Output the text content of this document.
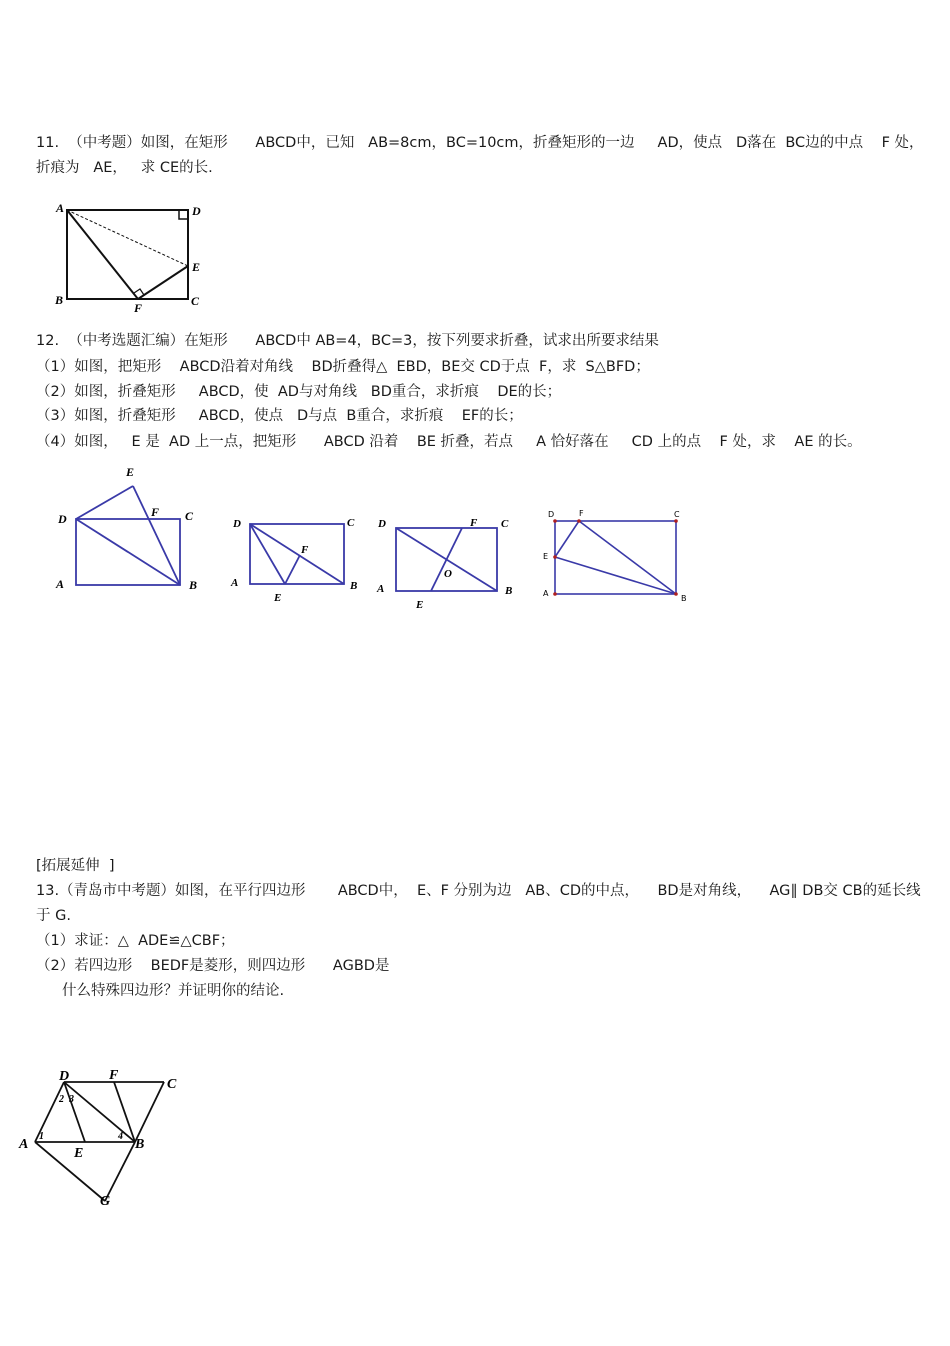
11.  （中考题）如图，在矩形      ABCD中，已知   AB=8cm，BC=10cm，折叠矩形的一边     AD，使点   D落在  BC边的中点    F 处，
折痕为   AE，   求 CE的长.
A	D
E
B	C
F
12.  （中考选题汇编）在矩形      ABCD中 AB=4，BC=3，按下列要求折叠，试求出所要求结果
（1）如图，把矩形    ABCD沿着对角线    BD折叠得△  EBD，BE交 CD于点  F，求  S△BFD；
（2）如图，折叠矩形     ABCD，使  AD与对角线   BD重合，求折痕    DE的长；
（3）如图，折叠矩形     ABCD，使点   D与点  B重合，求折痕    EF的长；
（4）如图，   E 是  AD 上一点，把矩形      ABCD 沿着    BE 折叠，若点     A 恰好落在     CD 上的点    F 处，求    AE 的长。
D
E
F C
A	B
D	C
F
A
E
B
D	F C
O
A
E
B
D	F	C
E
A
B
[拓展延伸  ]
13.（青岛市中考题）如图，在平行四边形       ABCD中，  E、F 分别为边   AB、CD的中点，    BD是对角线，    AG∥ DB交 CB的延长线
于 G.
（1）求证：△  ADE≌△CBF；
（2）若四边形    BEDF是菱形，则四边形      AGBD是
什么特殊四边形？并证明你的结论.
D	F
C
A
E
B
G
1
2 3
4
